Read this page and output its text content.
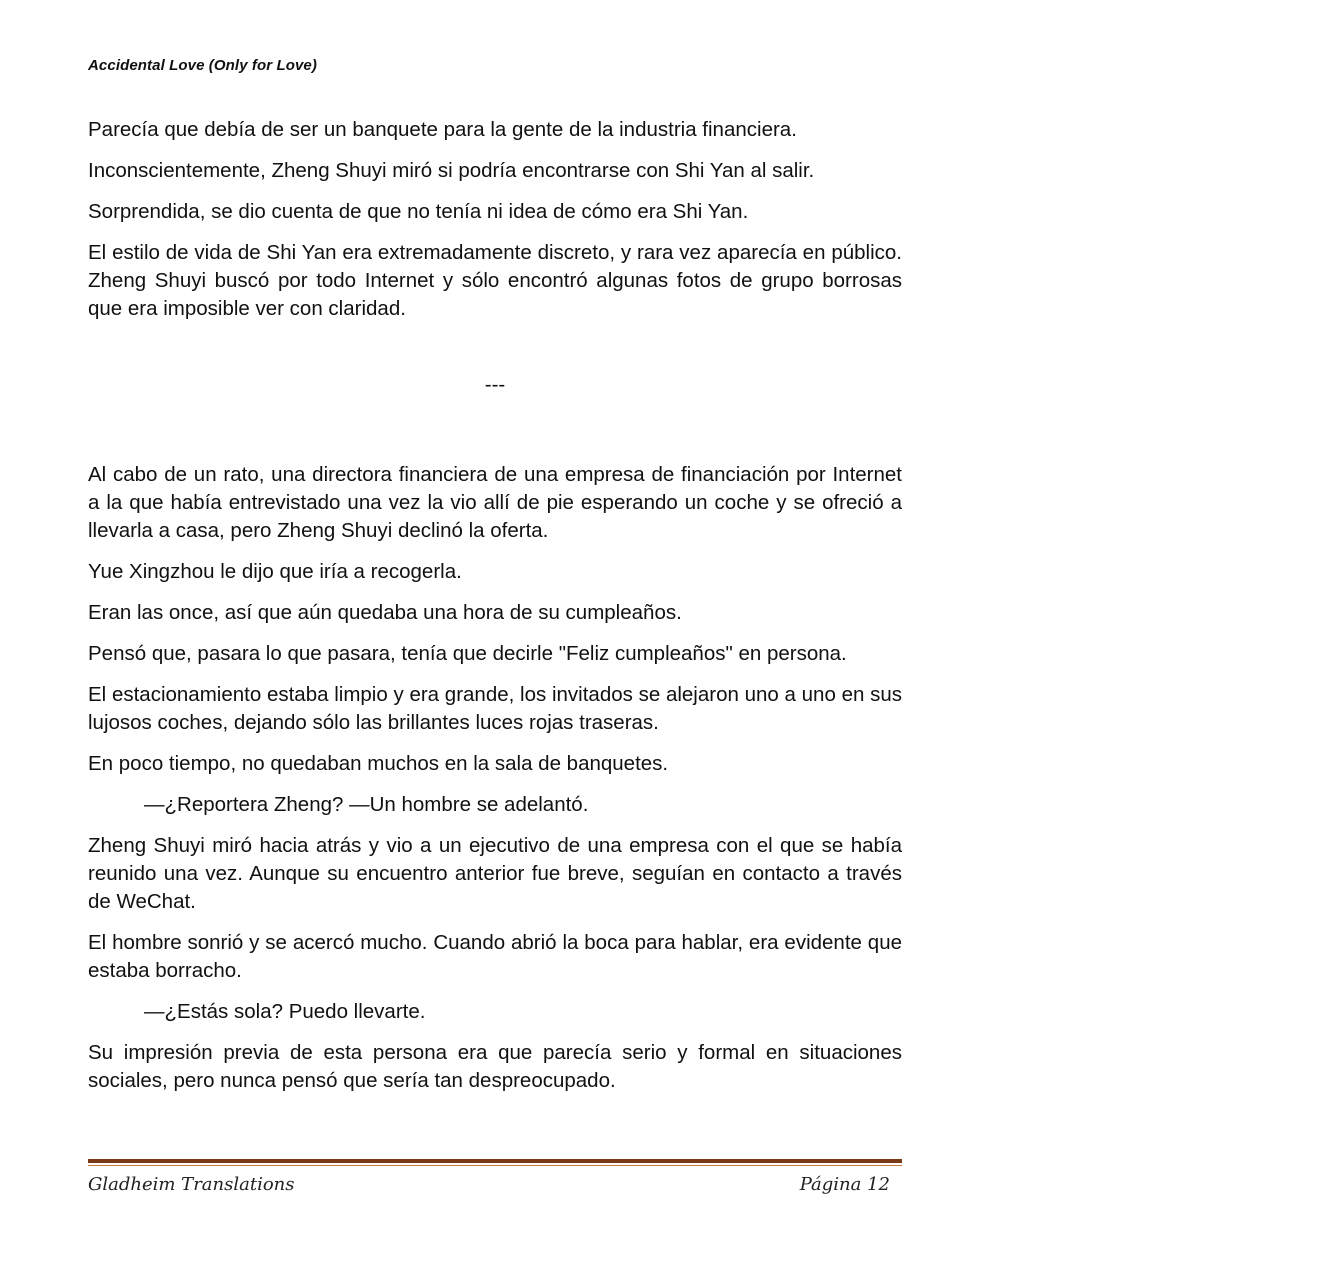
Accidental Love (Only for Love)

Parecía que debía de ser un banquete para la gente de la industria financiera.

Inconscientemente, Zheng Shuyi miró si podría encontrarse con Shi Yan al salir.

Sorprendida, se dio cuenta de que no tenía ni idea de cómo era Shi Yan.

El estilo de vida de Shi Yan era extremadamente discreto, y rara vez aparecía en público. Zheng Shuyi buscó por todo Internet y sólo encontró algunas fotos de grupo borrosas que era imposible ver con claridad.

---

Al cabo de un rato, una directora financiera de una empresa de financiación por Internet a la que había entrevistado una vez la vio allí de pie esperando un coche y se ofreció a llevarla a casa, pero Zheng Shuyi declinó la oferta.

Yue Xingzhou le dijo que iría a recogerla.

Eran las once, así que aún quedaba una hora de su cumpleaños.

Pensó que, pasara lo que pasara, tenía que decirle "Feliz cumpleaños" en persona.

El estacionamiento estaba limpio y era grande, los invitados se alejaron uno a uno en sus lujosos coches, dejando sólo las brillantes luces rojas traseras.

En poco tiempo, no quedaban muchos en la sala de banquetes.

—¿Reportera Zheng? —Un hombre se adelantó.

Zheng Shuyi miró hacia atrás y vio a un ejecutivo de una empresa con el que se había reunido una vez. Aunque su encuentro anterior fue breve, seguían en contacto a través de WeChat.

El hombre sonrió y se acercó mucho. Cuando abrió la boca para hablar, era evidente que estaba borracho.

—¿Estás sola? Puedo llevarte.

Su impresión previa de esta persona era que parecía serio y formal en situaciones sociales, pero nunca pensó que sería tan despreocupado.

Gladheim Translations	Página 12
